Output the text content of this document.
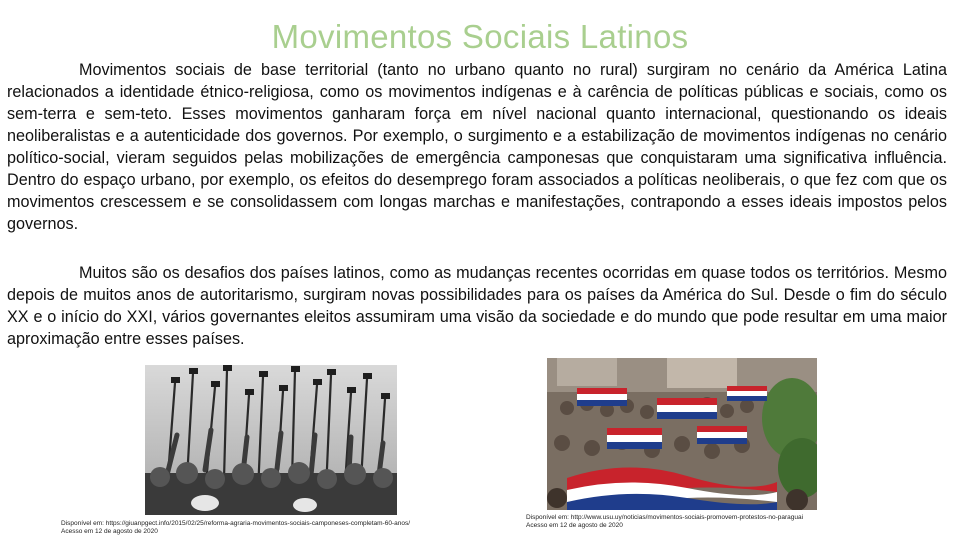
Movimentos Sociais Latinos

Movimentos sociais de base territorial (tanto no urbano quanto no rural) surgiram no cenário da América Latina relacionados a identidade étnico-religiosa, como os movimentos indígenas e à carência de políticas públicas e sociais, como os sem-terra e sem-teto. Esses movimentos ganharam força em nível nacional quanto internacional, questionando os ideais neoliberalistas e a autenticidade dos governos. Por exemplo, o surgimento e a estabilização de movimentos indígenas no cenário político-social, vieram seguidos pelas mobilizações de emergência camponesas que conquistaram uma significativa influência. Dentro do espaço urbano, por exemplo, os efeitos do desemprego foram associados a políticas neoliberais, o que fez com que os movimentos crescessem e se consolidassem com longas marchas e manifestações, contrapondo a esses ideais impostos pelos governos.

Muitos são os desafios dos países latinos, como as mudanças recentes ocorridas em quase todos os territórios. Mesmo depois de muitos anos de autoritarismo, surgiram novas possibilidades para os países da América do Sul. Desde o fim do século XX e o início do XXI, vários governantes eleitos assumiram uma visão da sociedade e do mundo que pode resultar em uma maior aproximação entre esses países.

Disponível em: https://giuanpgect.info/2015/02/25/reforma-agraria-movimentos-sociais-camponeses-completam-60-anos/
Acesso em 12 de agosto de 2020
Disponível em: http://www.usu.uy/noticias/movimentos-sociais-promovem-protestos-no-paraguai
Acesso em 12 de agosto de 2020
